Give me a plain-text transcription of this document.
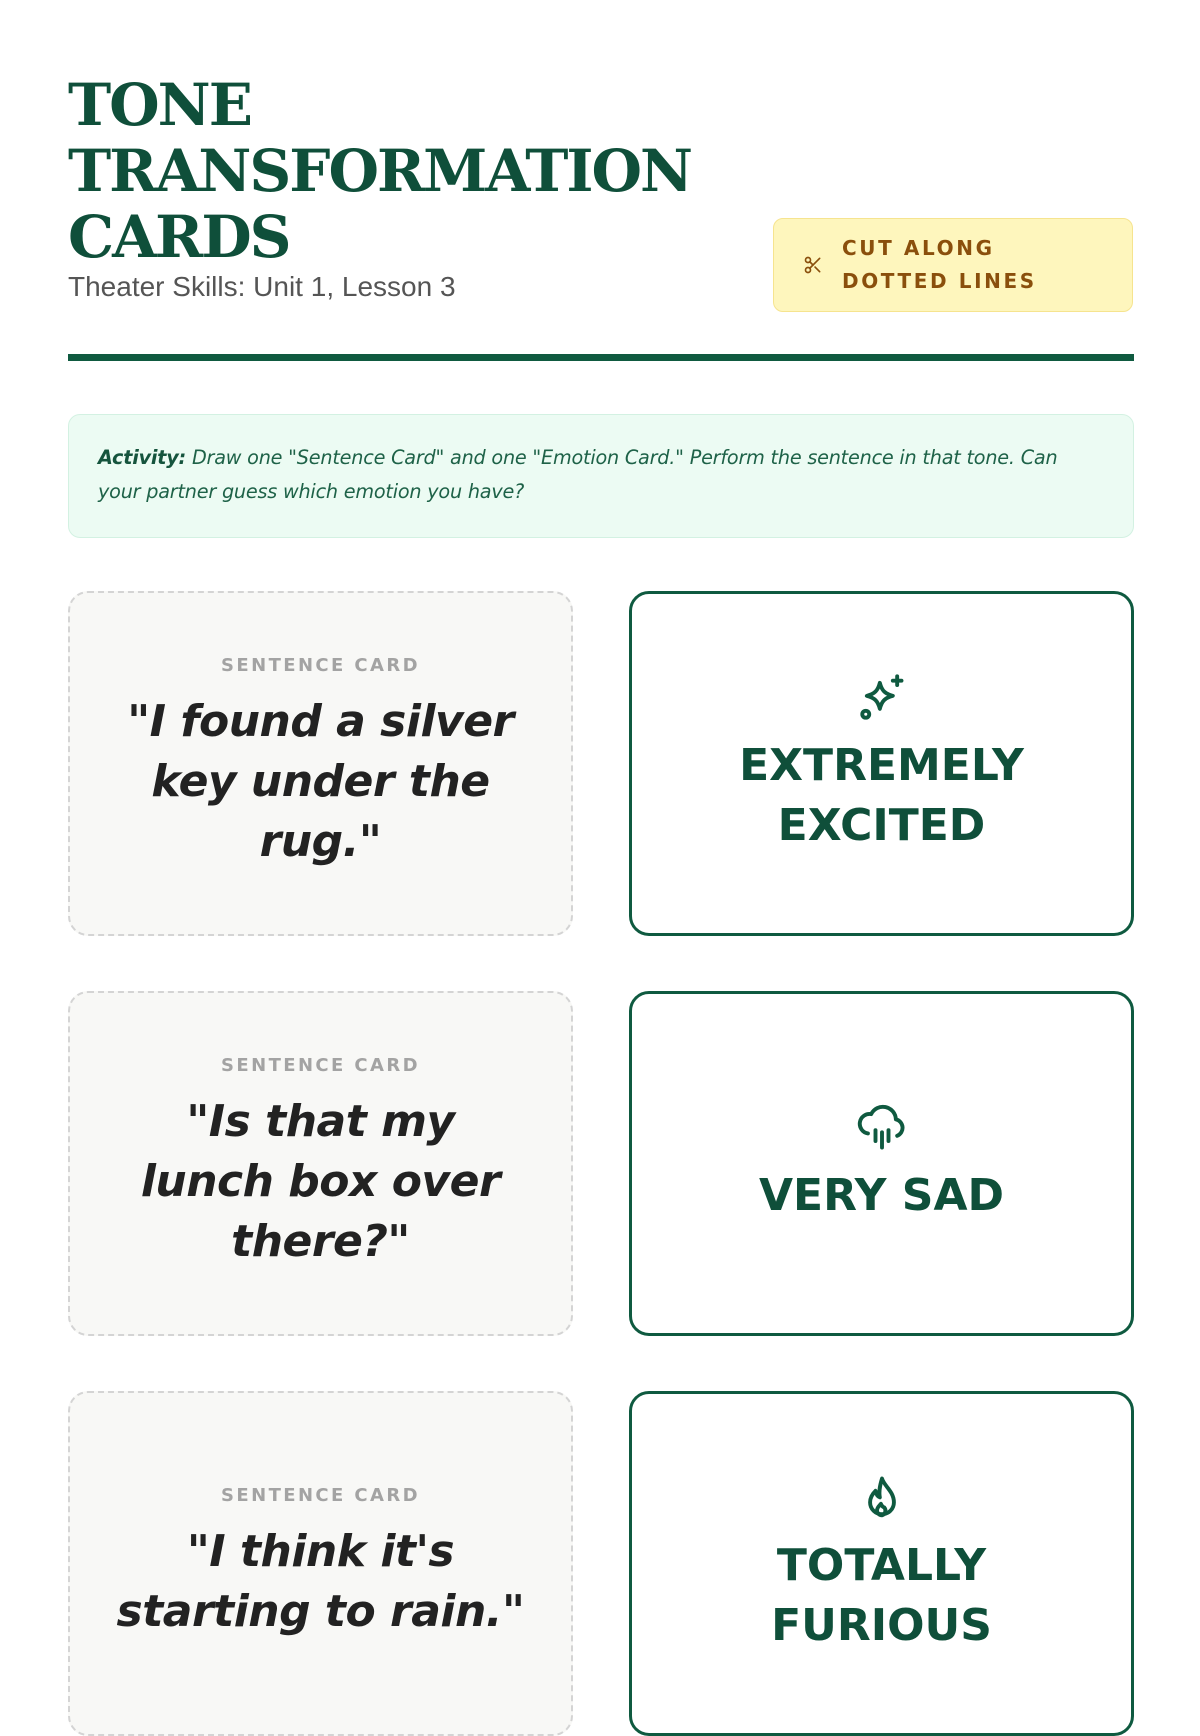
TONE
TRANSFORMATION
CARDS
Theater Skills: Unit 1, Lesson 3
CUT ALONG
DOTTED LINES
Activity: Draw one "Sentence Card" and one "Emotion Card." Perform the sentence in that tone. Can your partner guess which emotion you have?
SENTENCE CARD
"I found a silver
key under the
rug."
EXTREMELY
EXCITED
SENTENCE CARD
"Is that my
lunch box over
there?"
VERY SAD
SENTENCE CARD
"I think it's
starting to rain."
TOTALLY
FURIOUS
